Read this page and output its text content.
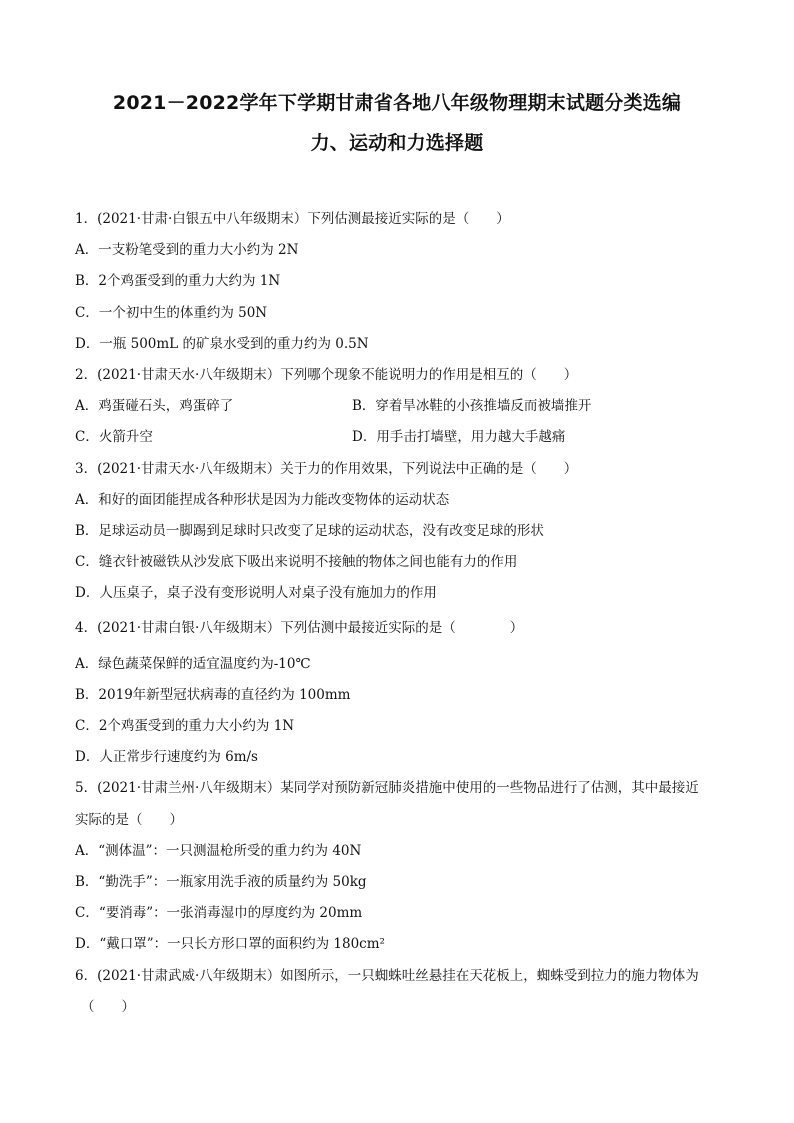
2021－2022学年下学期甘肃省各地八年级物理期末试题分类选编
力、运动和力选择题
1．(2021·甘肃·白银五中八年级期末）下列估测最接近实际的是（　　）
A．一支粉笔受到的重力大小约为 2N
B．2个鸡蛋受到的重力大约为 1N
C．一个初中生的体重约为 50N
D．一瓶 500mL 的矿泉水受到的重力约为 0.5N
2．(2021·甘肃天水·八年级期末）下列哪个现象不能说明力的作用是相互的（　　）
A．鸡蛋碰石头，鸡蛋碎了	B．穿着旱冰鞋的小孩推墙反而被墙推开
C．火箭升空	D．用手击打墙壁，用力越大手越痛
3．(2021·甘肃天水·八年级期末）关于力的作用效果，下列说法中正确的是（　　）
A．和好的面团能捏成各种形状是因为力能改变物体的运动状态
B．足球运动员一脚踢到足球时只改变了足球的运动状态，没有改变足球的形状
C．缝衣针被磁铁从沙发底下吸出来说明不接触的物体之间也能有力的作用
D．人压桌子，桌子没有变形说明人对桌子没有施加力的作用
4．(2021·甘肃白银·八年级期末）下列估测中最接近实际的是（　　　　）
A．绿色蔬菜保鲜的适宜温度约为-10℃
B．2019年新型冠状病毒的直径约为 100mm
C．2个鸡蛋受到的重力大小约为 1N
D．人正常步行速度约为 6m/s
5．(2021·甘肃兰州·八年级期末）某同学对预防新冠肺炎措施中使用的一些物品进行了估测，其中最接近
实际的是（　　）
A．“测体温”：一只测温枪所受的重力约为 40N
B．“勤洗手”：一瓶家用洗手液的质量约为 50kg
C．“要消毒”：一张消毒湿巾的厚度约为 20mm
D．“戴口罩”：一只长方形口罩的面积约为 180cm²
6．(2021·甘肃武威·八年级期末）如图所示，一只蜘蛛吐丝悬挂在天花板上，蜘蛛受到拉力的施力物体为
（　　）
